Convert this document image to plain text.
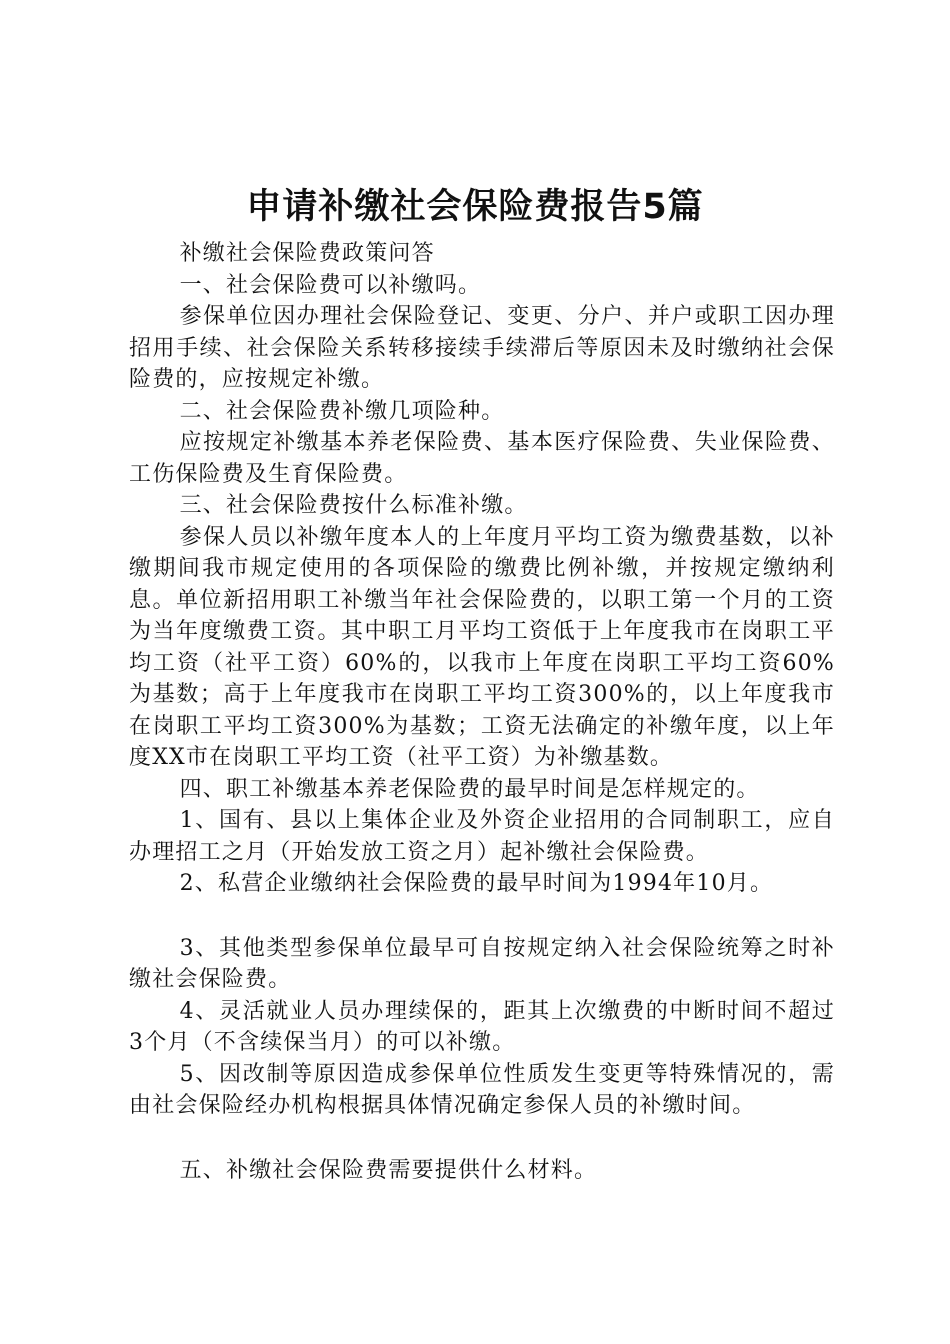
申请补缴社会保险费报告5篇

补缴社会保险费政策问答

一、社会保险费可以补缴吗。

参保单位因办理社会保险登记、变更、分户、并户或职工因办理招用手续、社会保险关系转移接续手续滞后等原因未及时缴纳社会保险费的，应按规定补缴。

二、社会保险费补缴几项险种。

应按规定补缴基本养老保险费、基本医疗保险费、失业保险费、工伤保险费及生育保险费。

三、社会保险费按什么标准补缴。

参保人员以补缴年度本人的上年度月平均工资为缴费基数，以补缴期间我市规定使用的各项保险的缴费比例补缴，并按规定缴纳利息。单位新招用职工补缴当年社会保险费的，以职工第一个月的工资为当年度缴费工资。其中职工月平均工资低于上年度我市在岗职工平均工资（社平工资）60%的，以我市上年度在岗职工平均工资60%为基数；高于上年度我市在岗职工平均工资300%的，以上年度我市在岗职工平均工资300%为基数；工资无法确定的补缴年度，以上年度XX市在岗职工平均工资（社平工资）为补缴基数。

四、职工补缴基本养老保险费的最早时间是怎样规定的。

1、国有、县以上集体企业及外资企业招用的合同制职工，应自办理招工之月（开始发放工资之月）起补缴社会保险费。

2、私营企业缴纳社会保险费的最早时间为1994年10月。

3、其他类型参保单位最早可自按规定纳入社会保险统筹之时补缴社会保险费。

4、灵活就业人员办理续保的，距其上次缴费的中断时间不超过3个月（不含续保当月）的可以补缴。

5、因改制等原因造成参保单位性质发生变更等特殊情况的，需由社会保险经办机构根据具体情况确定参保人员的补缴时间。

五、补缴社会保险费需要提供什么材料。
